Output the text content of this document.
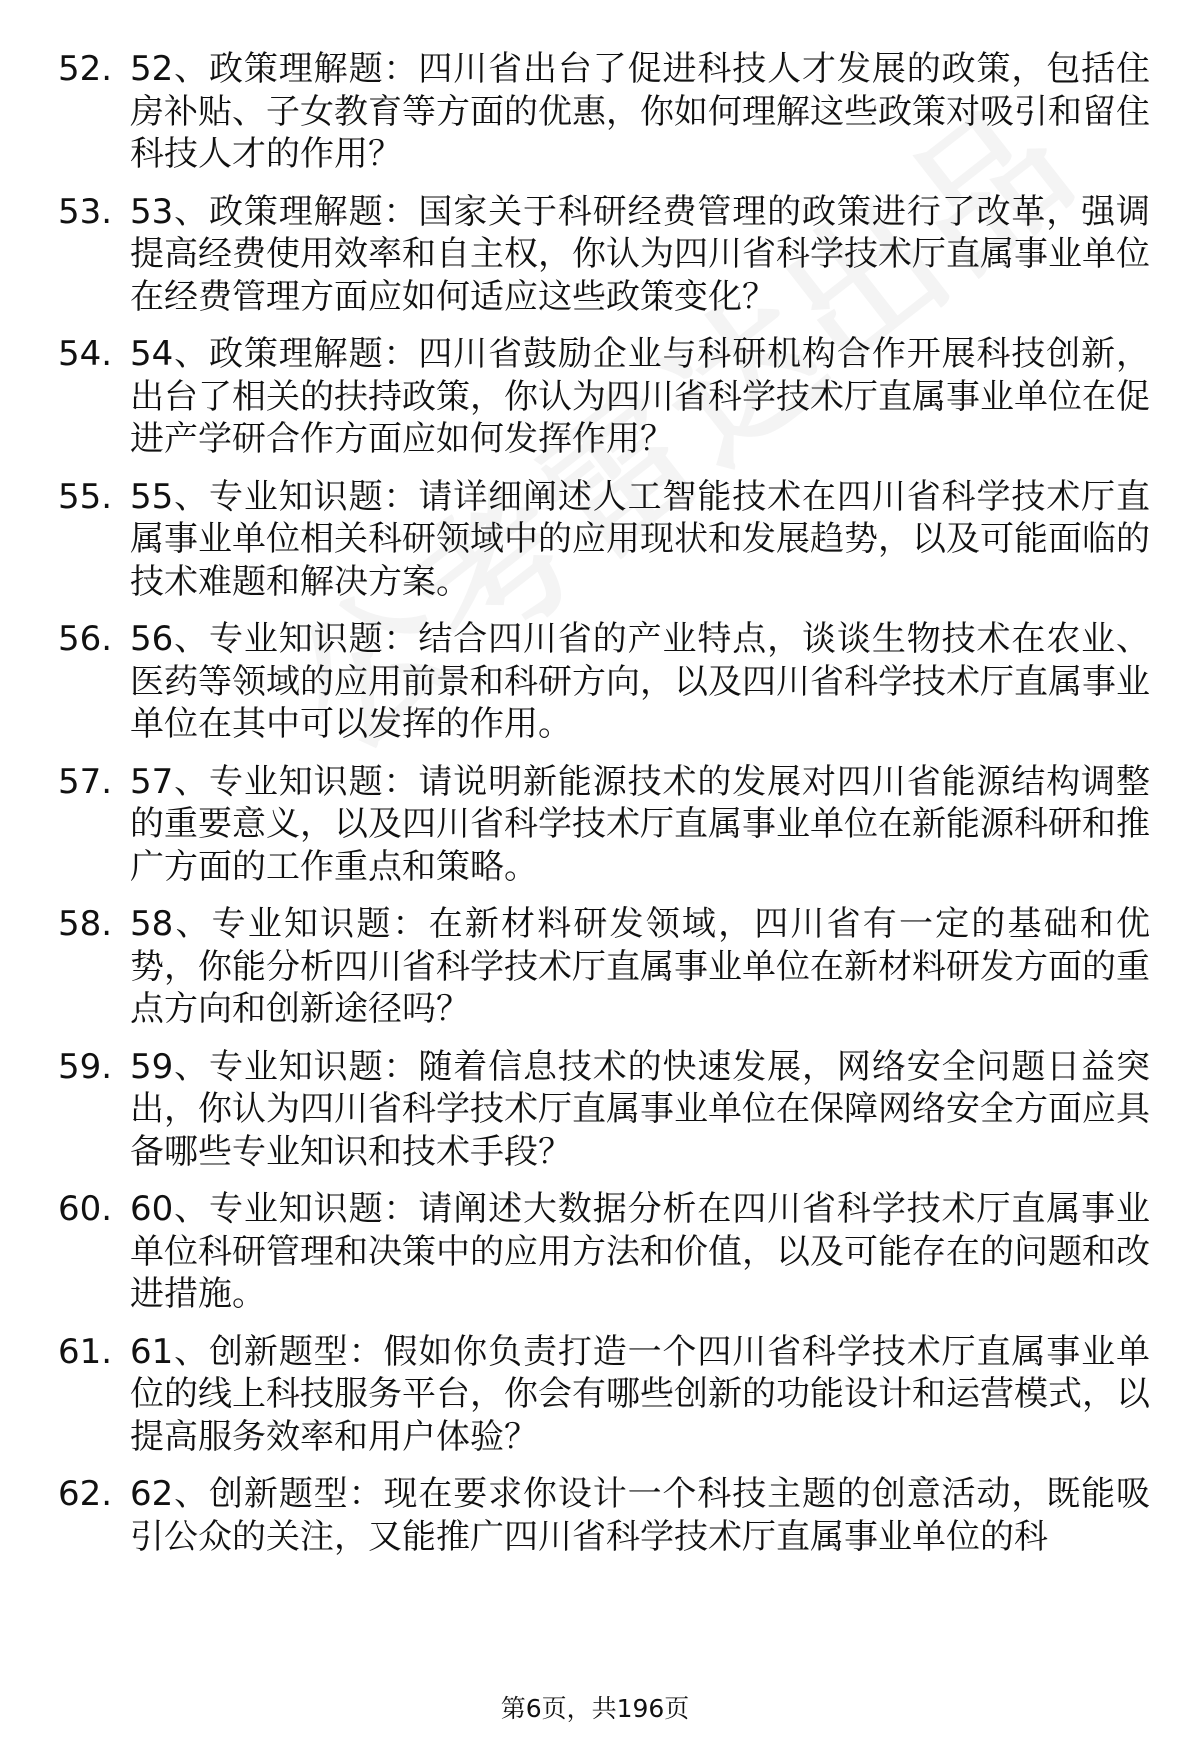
52. 52、政策理解题：四川省出台了促进科技人才发展的政策，包括住房补贴、子女教育等方面的优惠，你如何理解这些政策对吸引和留住科技人才的作用？
53. 53、政策理解题：国家关于科研经费管理的政策进行了改革，强调提高经费使用效率和自主权，你认为四川省科学技术厅直属事业单位在经费管理方面应如何适应这些政策变化？
54. 54、政策理解题：四川省鼓励企业与科研机构合作开展科技创新，出台了相关的扶持政策，你认为四川省科学技术厅直属事业单位在促进产学研合作方面应如何发挥作用？
55. 55、专业知识题：请详细阐述人工智能技术在四川省科学技术厅直属事业单位相关科研领域中的应用现状和发展趋势，以及可能面临的技术难题和解决方案。
56. 56、专业知识题：结合四川省的产业特点，谈谈生物技术在农业、医药等领域的应用前景和科研方向，以及四川省科学技术厅直属事业单位在其中可以发挥的作用。
57. 57、专业知识题：请说明新能源技术的发展对四川省能源结构调整的重要意义，以及四川省科学技术厅直属事业单位在新能源科研和推广方面的工作重点和策略。
58. 58、专业知识题：在新材料研发领域，四川省有一定的基础和优势，你能分析四川省科学技术厅直属事业单位在新材料研发方面的重点方向和创新途径吗？
59. 59、专业知识题：随着信息技术的快速发展，网络安全问题日益突出，你认为四川省科学技术厅直属事业单位在保障网络安全方面应具备哪些专业知识和技术手段？
60. 60、专业知识题：请阐述大数据分析在四川省科学技术厅直属事业单位科研管理和决策中的应用方法和价值，以及可能存在的问题和改进措施。
61. 61、创新题型：假如你负责打造一个四川省科学技术厅直属事业单位的线上科技服务平台，你会有哪些创新的功能设计和运营模式，以提高服务效率和用户体验？
62. 62、创新题型：现在要求你设计一个科技主题的创意活动，既能吸引公众的关注，又能推广四川省科学技术厅直属事业单位的科
第6页，共196页
